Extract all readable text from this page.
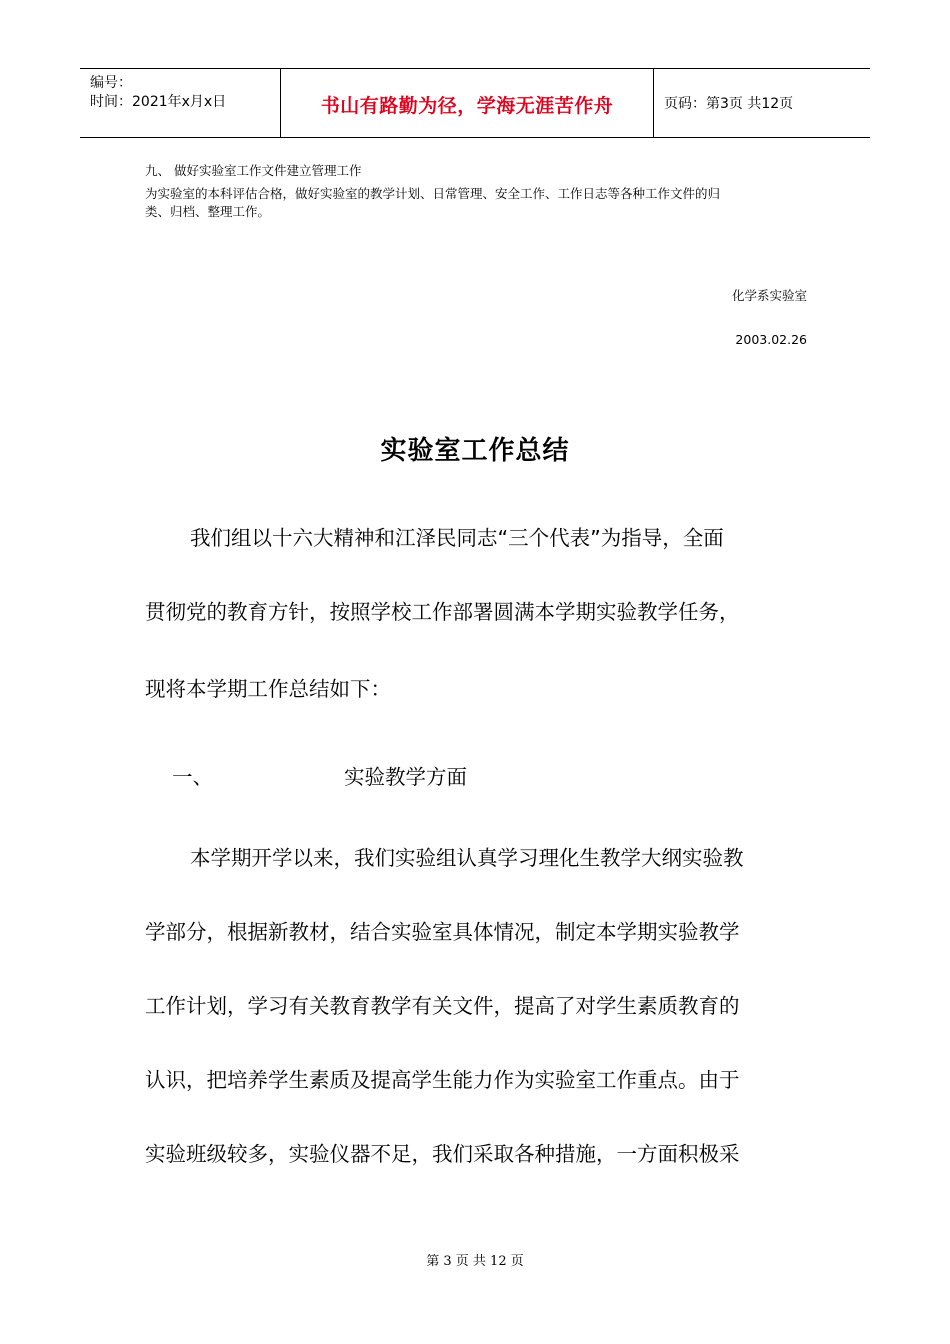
编号：
时间：2021年x月x日	书山有路勤为径，学海无涯苦作舟	页码：第3页 共12页
九、 做好实验室工作文件建立管理工作
为实验室的本科评估合格，做好实验室的教学计划、日常管理、安全工作、工作日志等各种工作文件的归
类、归档、整理工作。
化学系实验室
2003.02.26
实验室工作总结
我们组以十六大精神和江泽民同志“三个代表”为指导，全面
贯彻党的教育方针，按照学校工作部署圆满本学期实验教学任务，
现将本学期工作总结如下：
一、	实验教学方面
本学期开学以来，我们实验组认真学习理化生教学大纲实验教
学部分，根据新教材，结合实验室具体情况，制定本学期实验教学
工作计划，学习有关教育教学有关文件，提高了对学生素质教育的
认识，把培养学生素质及提高学生能力作为实验室工作重点。由于
实验班级较多，实验仪器不足，我们采取各种措施，一方面积极采
第 3 页 共 12 页
